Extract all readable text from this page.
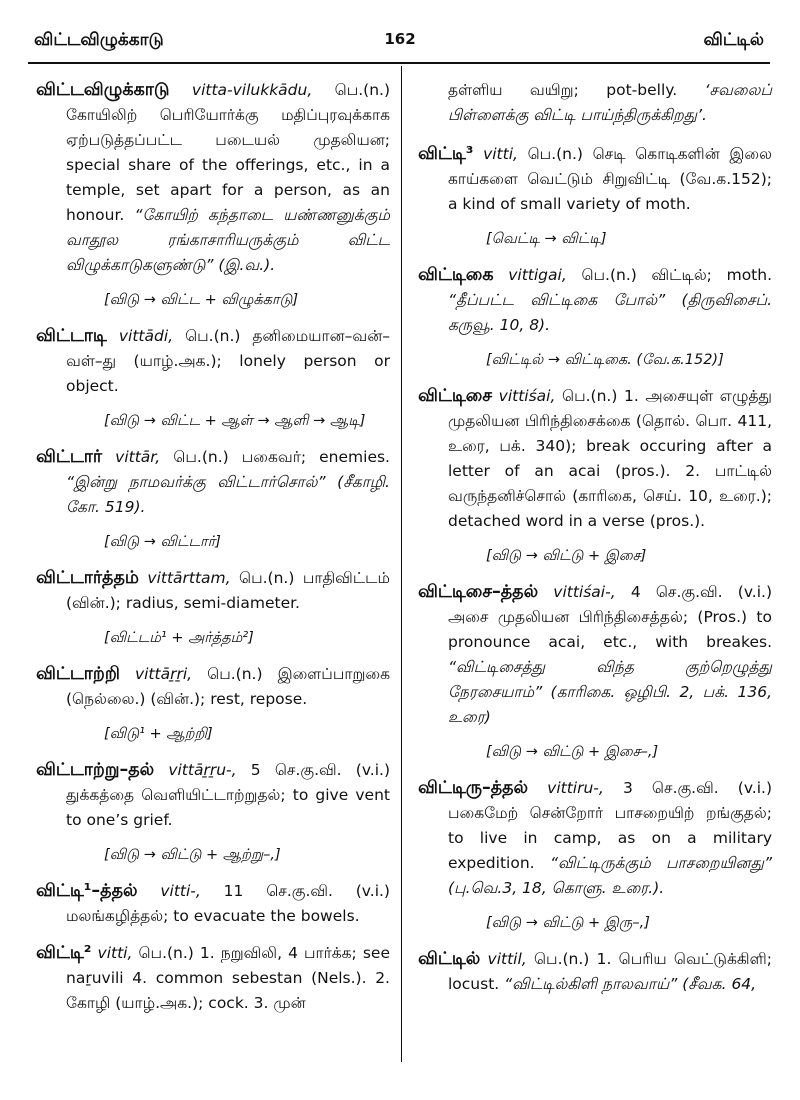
விட்டவிழுக்காடு	162	விட்டில்

விட்டவிழுக்காடு vitta-vilukkādu, பெ.(n.) கோயிலிற் பெரியோர்க்கு மதிப்புரவுக்காக ஏற்படுத்தப்பட்ட படையல் முதலியன; special share of the offerings, etc., in a temple, set apart for a person, as an honour. “கோயிற் கந்தாடை யண்ணனுக்கும் வாதூல ரங்காசாரியருக்கும் விட்ட விழுக்காடுகளுண்டு” (இ.வ.).

[விடு → விட்ட + விழுக்காடு]

விட்டாடி vittādi, பெ.(n.) தனிமையான–வன்–வள்–து (யாழ்.அக.); lonely person or object.

[விடு → விட்ட + ஆள் → ஆளி → ஆடி]

விட்டார் vittār, பெ.(n.) பகைவர்; enemies. “இன்று நாமவர்க்கு விட்டார்சொல்” (சீகாழி. கோ. 519).

[விடு → விட்டார்]

விட்டார்த்தம் vittārttam, பெ.(n.) பாதிவிட்டம் (வின்.); radius, semi-diameter.

[விட்டம்¹ + அர்த்தம்²]

விட்டாற்றி vittāṟṟi, பெ.(n.) இளைப்பாறுகை (நெல்லை.) (வின்.); rest, repose.

[விடு¹ + ஆற்றி]

விட்டாற்று–தல் vittāṟṟu-, 5 செ.கு.வி. (v.i.) துக்கத்தை வெளியிட்டாற்றுதல்; to give vent to one’s grief.

[விடு → விட்டு + ஆற்று–,]

விட்டி¹–த்தல் vitti-, 11 செ.கு.வி. (v.i.) மலங்கழித்தல்; to evacuate the bowels.

விட்டி² vitti, பெ.(n.) 1. நறுவிலி, 4 பார்க்க; see naṟuvili 4. common sebestan (Nels.). 2. கோழி (யாழ்.அக.); cock. 3. முன்

தள்ளிய வயிறு; pot-belly. ‘சவலைப் பிள்ளைக்கு விட்டி பாய்ந்திருக்கிறது’.

விட்டி³ vitti, பெ.(n.) செடி கொடிகளின் இலை காய்களை வெட்டும் சிறுவிட்டி (வே.க.152); a kind of small variety of moth.

[வெட்டி → விட்டி]

விட்டிகை vittigai, பெ.(n.) விட்டில்; moth. “தீப்பட்ட விட்டிகை போல்” (திருவிசைப். கருவூ. 10, 8).

[விட்டில் → விட்டிகை. (வே.க.152)]

விட்டிசை vittiśai, பெ.(n.) 1. அசையுள் எழுத்து முதலியன பிரிந்திசைக்கை (தொல். பொ. 411, உரை, பக். 340); break occuring after a letter of an acai (pros.). 2. பாட்டில் வருந்தனிச்சொல் (காரிகை, செய். 10, உரை.); detached word in a verse (pros.).

[விடு → விட்டு + இசை]

விட்டிசை–த்தல் vittiśai-, 4 செ.கு.வி. (v.i.) அசை முதலியன பிரிந்திசைத்தல்; (Pros.) to pronounce acai, etc., with breakes. “விட்டிசைத்து விந்த குற்றெழுத்து நேரசையாம்” (காரிகை. ஒழிபி. 2, பக். 136, உரை)

[விடு → விட்டு + இசை–,]

விட்டிரு–த்தல் vittiru-, 3 செ.கு.வி. (v.i.) பகைமேற் சென்றோர் பாசறையிற் றங்குதல்; to live in camp, as on a military expedition. “விட்டிருக்கும் பாசறையினது” (பு.வெ.3, 18, கொளு. உரை.).

[விடு → விட்டு + இரு–,]

விட்டில் vittil, பெ.(n.) 1. பெரிய வெட்டுக்கிளி; locust. “விட்டில்கிளி நாலவாய்” (சீவக. 64,
